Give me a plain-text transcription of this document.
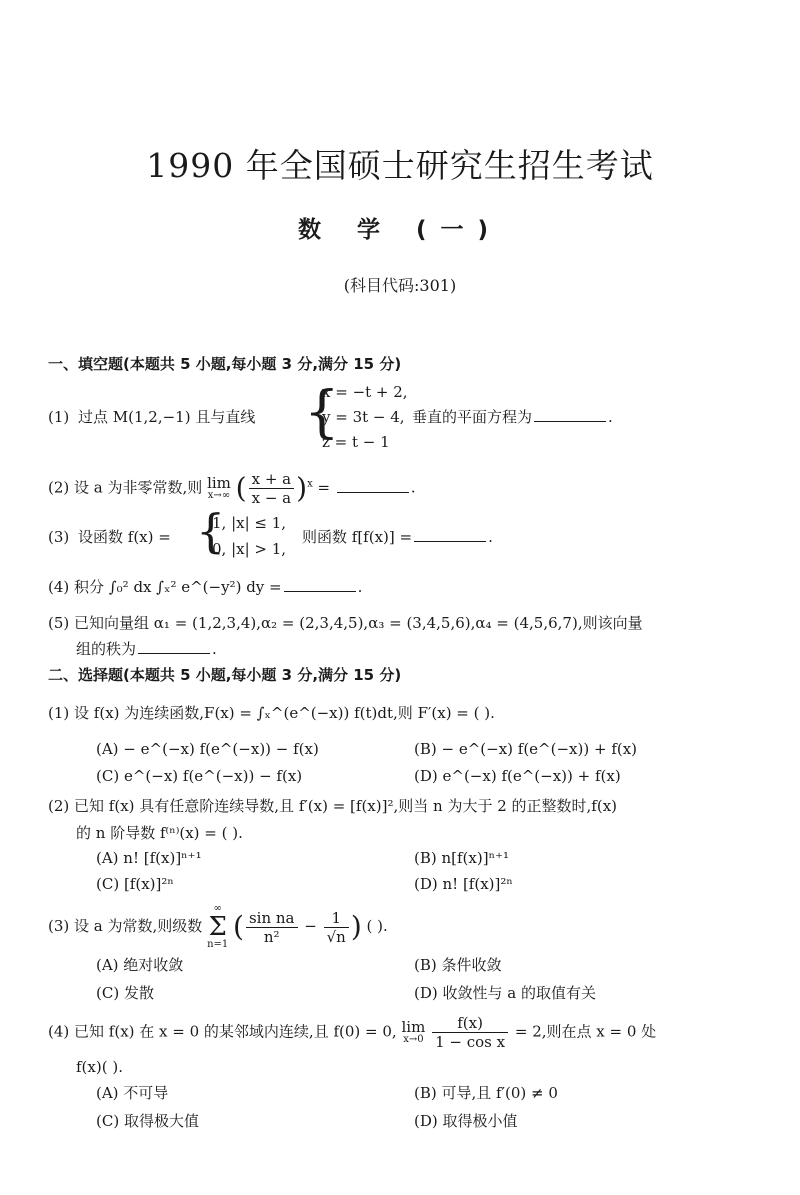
1990 年全国硕士研究生招生考试
数 学 (一)
(科目代码:301)
一、填空题(本题共 5 小题,每小题 3 分,满分 15 分)
(1) 过点 M(1,2,−1) 且与直线 {
x = −t + 2,
y = 3t − 4,
z = t − 1
垂直的平面方程为	.
(2) 设 a 为非零常数,则 lim
x→∞ ( $\frac{x + a}{x - a} )^x$ =	.
(3) 设函数 f(x) = {
1, |x| ≤ 1,
0, |x| > 1,
则函数 f[f(x)] =	.
(4) 积分 ∫₀² dx ∫ₓ² e^(−y²) dy =	.
(5) 已知向量组 α₁ = (1,2,3,4),α₂ = (2,3,4,5),α₃ = (3,4,5,6),α₄ = (4,5,6,7),则该向量
组的秩为	.
二、选择题(本题共 5 小题,每小题 3 分,满分 15 分)
(1) 设 f(x) 为连续函数,F(x) = ∫ₓ^(e^(−x)) f(t)dt,则 F′(x) = ( ).
(A) − e^(−x) f(e^(−x)) − f(x)	(B) − e^(−x) f(e^(−x)) + f(x)
(C) e^(−x) f(e^(−x)) − f(x)	(D) e^(−x) f(e^(−x)) + f(x)
(2) 已知 f(x) 具有任意阶连续导数,且 f′(x) = [f(x)]²,则当 n 为大于 2 的正整数时,f(x)
的 n 阶导数 f⁽ⁿ⁾(x) = ( ).
(A) n! [f(x)]ⁿ⁺¹	(B) n[f(x)]ⁿ⁺¹
(C) [f(x)]²ⁿ	(D) n! [f(x)]²ⁿ
(3) 设 a 为常数,则级数
∞
Σ
n=1
( $\frac{\text{sin na}}{\text{n²}} - \frac{1}{√n}$ ) ( ).
(A) 绝对收敛	(B) 条件收敛
(C) 发散	(D) 收敛性与 a 的取值有关
(4) 已知 f(x) 在 x = 0 的某邻域内连续,且 f(0) = 0, lim
x→0
$\frac{f(x)}{\text{1 − cos x}} = 2$,则在点 x = 0 处
f(x)( ).
(A) 不可导	(B) 可导,且 f′(0) ≠ 0
(C) 取得极大值	(D) 取得极小值
